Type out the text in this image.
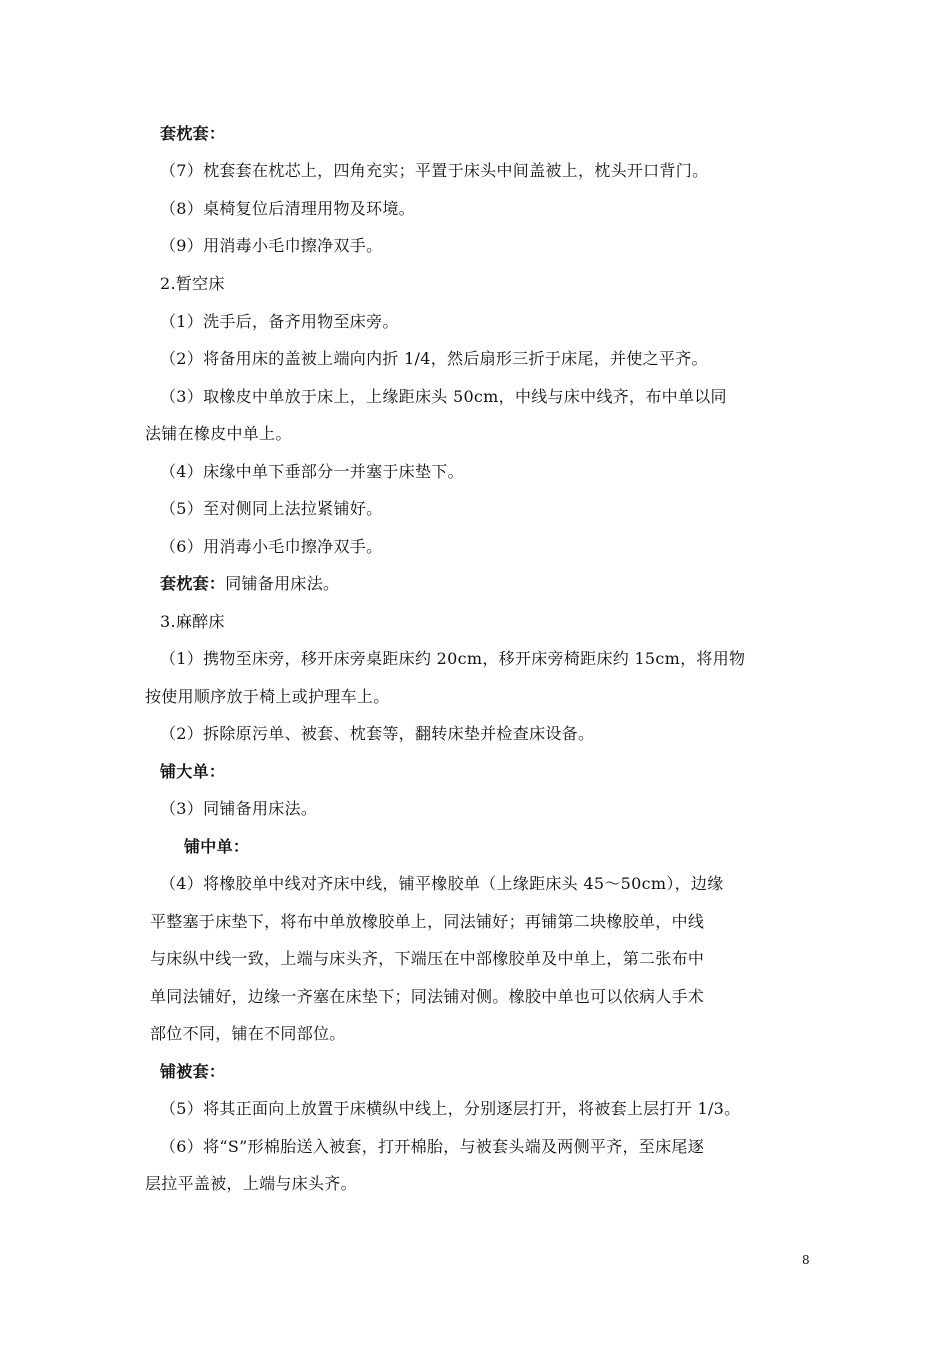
套枕套：
（7）枕套套在枕芯上，四角充实；平置于床头中间盖被上，枕头开口背门。
（8）桌椅复位后清理用物及环境。
（9）用消毒小毛巾擦净双手。
2.暂空床
（1）洗手后，备齐用物至床旁。
（2）将备用床的盖被上端向内折 1/4，然后扇形三折于床尾，并使之平齐。
（3）取橡皮中单放于床上，上缘距床头 50cm，中线与床中线齐，布中单以同
法铺在橡皮中单上。
（4）床缘中单下垂部分一并塞于床垫下。
（5）至对侧同上法拉紧铺好。
（6）用消毒小毛巾擦净双手。
套枕套：同铺备用床法。
3.麻醉床
（1）携物至床旁，移开床旁桌距床约 20cm，移开床旁椅距床约 15cm，将用物
按使用顺序放于椅上或护理车上。
（2）拆除原污单、被套、枕套等，翻转床垫并检查床设备。
铺大单：
（3）同铺备用床法。
铺中单：
（4）将橡胶单中线对齐床中线，铺平橡胶单（上缘距床头 45～50cm），边缘
平整塞于床垫下，将布中单放橡胶单上，同法铺好；再铺第二块橡胶单，中线
与床纵中线一致，上端与床头齐，下端压在中部橡胶单及中单上，第二张布中
单同法铺好，边缘一齐塞在床垫下；同法铺对侧。橡胶中单也可以依病人手术
部位不同，铺在不同部位。
铺被套：
（5）将其正面向上放置于床横纵中线上，分别逐层打开，将被套上层打开 1/3。
（6）将“S”形棉胎送入被套，打开棉胎，与被套头端及两侧平齐，至床尾逐
层拉平盖被，上端与床头齐。
8
